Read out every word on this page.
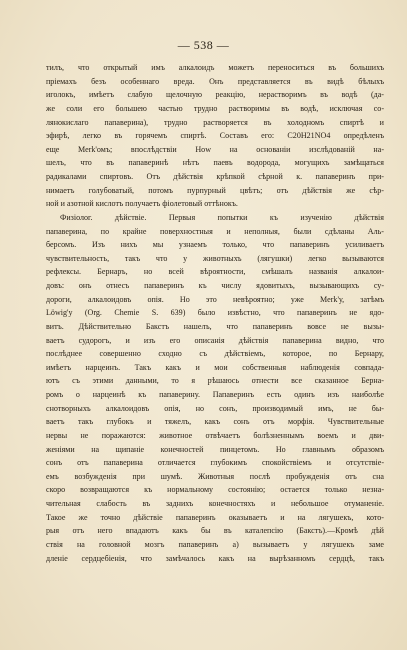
— 538 —
тилъ, что открытый имъ алкалоидъ можетъ переноситься въ большихъ
пріемахъ безъ особеннаго вреда. Онъ представляется въ видѣ бѣлыхъ
иголокъ, имѣетъ слабую щелочную реакцію, нерастворимъ въ водѣ (да-
же соли его большею частью трудно растворимы въ водѣ, исключая со-
лянокислаго папаверина), трудно растворяется въ холодномъ спиртѣ и
эфирѣ, легко въ горячемъ спиртѣ. Составъ его: C20H21NO4 опредѣленъ
еще Merk'омъ; впослѣдствіи How на основаніи изслѣдованій на-
шелъ, что въ папаверинѣ нѣтъ паевъ водорода, могущихъ замѣщаться
радикалами спиртовъ. Отъ дѣйствія крѣпкой сѣрной к. папаверинъ при-
нимаетъ голубоватый, потомъ пурпурный цвѣтъ; отъ дѣйствія же сѣр-
ной и азотной кислотъ получаетъ фіолетовый оттѣнокъ.
Физіолог. дѣйствіе. Первыя попытки къ изученію дѣйствія
папаверина, по крайне поверхностныя и неполныя, были сдѣланы Аль-
берсомъ. Изъ нихъ мы узнаемъ только, что папаверинъ усиливаетъ
чувствительность, такъ что у животныхъ (лягушки) легко вызываются
рефлексы. Бернаръ, но всей вѣроятности, смѣшалъ названія алкалои-
довъ: онъ отнесъ папаверинъ къ числу ядовитыхъ, вызывающихъ су-
дороги, алкалоидовъ опія. Но это невѣроятно; уже Merk'у, затѣмъ
Löwig'y (Org. Chemie S. 639) было извѣстно, что папаверинъ не ядо-
витъ. Дѣйствительно Бакстъ нашелъ, что папаверинъ вовсе не вызы-
ваетъ судорогъ, и изъ его описанія дѣйствія папаверина видно, что
послѣднее совершенно сходно съ дѣйствіемъ, которое, по Бернару,
имѣетъ нарцеинъ. Такъ какъ и мои собственныя наблюденія совпада-
ютъ съ этими данными, то я рѣшаюсь отнести все сказанное Берна-
ромъ о нарцеинѣ къ папаверину. Папаверинъ есть одинъ изъ наиболѣе
снотворныхъ алкалоидовъ опія, но сонъ, производимый имъ, не бы-
ваетъ такъ глубокъ и тяжелъ, какъ сонъ отъ морфія. Чувствительные
нервы не поражаются: животное отвѣчаетъ болѣзненнымъ воемъ и дви-
женіями на щипаніе конечностей пинцетомъ. Но главнымъ образомъ
сонъ отъ папаверина отличается глубокимъ спокойствіемъ и отсутствіе-
емъ возбужденія при шумѣ. Животныя послѣ пробужденія отъ сна
скоро возвращаются къ нормальному состоянію; остается только незна-
чительная слабость въ заднихъ конечностяхъ и небольшое отуманеніе.
Такое же точно дѣйствіе папаверинъ оказываетъ и на лягушекъ, кото-
рыя отъ него впадаютъ какъ бы въ каталепсію (Бакстъ).—Кромѣ дѣй
ствія на головной мозгъ папаверинъ а) вызываетъ у лягушекъ заме
дленіе сердцебіенія, что замѣчалось какъ на вырѣзанномъ сердцѣ, такъ
